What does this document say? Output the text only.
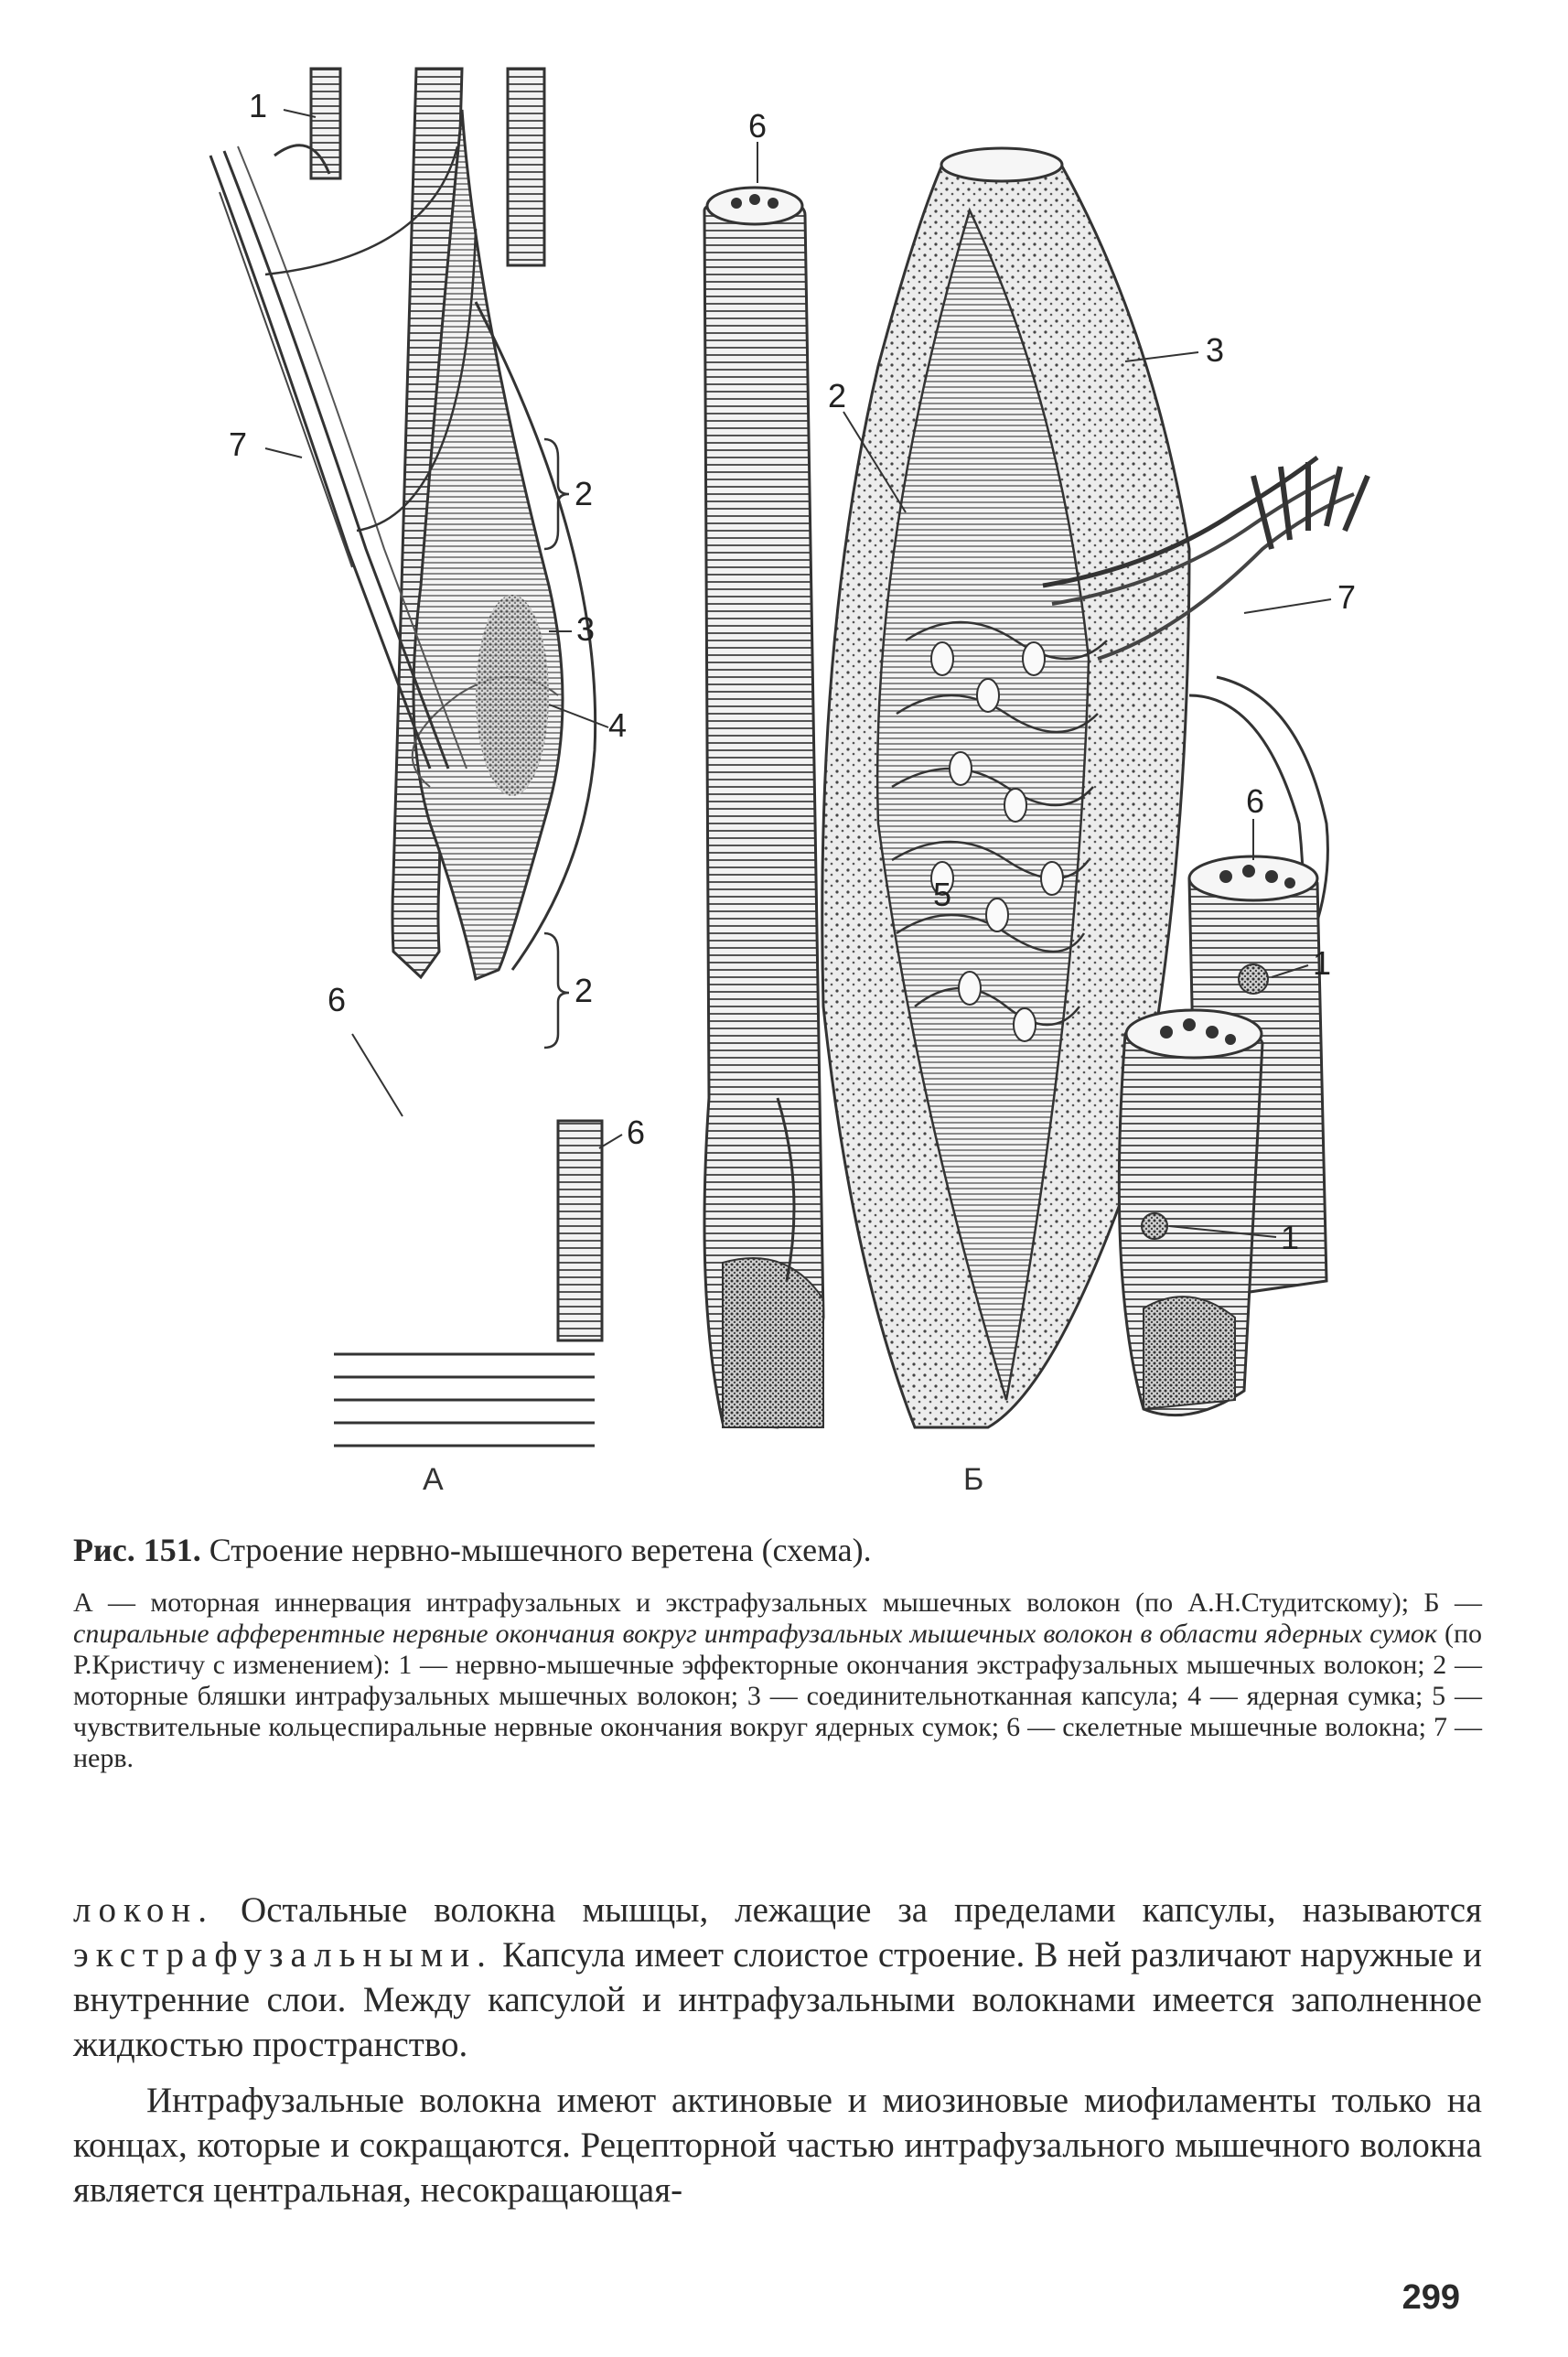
1
7
2
3
4
2
6
6
6
3
2
7
6
5
1
1
А	Б
Рис. 151. Строение нервно-мышечного веретена (схема).

А — моторная иннервация интрафузальных и экстрафузальных мышечных волокон (по А.Н.Студитскому); Б — спиральные афферентные нервные окончания вокруг интрафузальных мышечных волокон в области ядерных сумок (по Р.Кристичу с изменением): 1 — нервно-мышечные эффекторные окончания экстрафузальных мышечных волокон; 2 — моторные бляшки интрафузальных мышечных волокон; 3 — соединительнотканная капсула; 4 — ядерная сумка; 5 — чувствительные кольцеспиральные нервные окончания вокруг ядерных сумок; 6 — скелетные мышечные волокна; 7 — нерв.

локон. Остальные волокна мышцы, лежащие за пределами капсулы, называются экстрафузальными. Капсула имеет слоистое строение. В ней различают наружные и внутренние слои. Между капсулой и интрафузальными волокнами имеется заполненное жидкостью пространство.

Интрафузальные волокна имеют актиновые и миозиновые миофиламенты только на концах, которые и сокращаются. Рецепторной частью интрафузального мышечного волокна является центральная, несокращающая-

299
